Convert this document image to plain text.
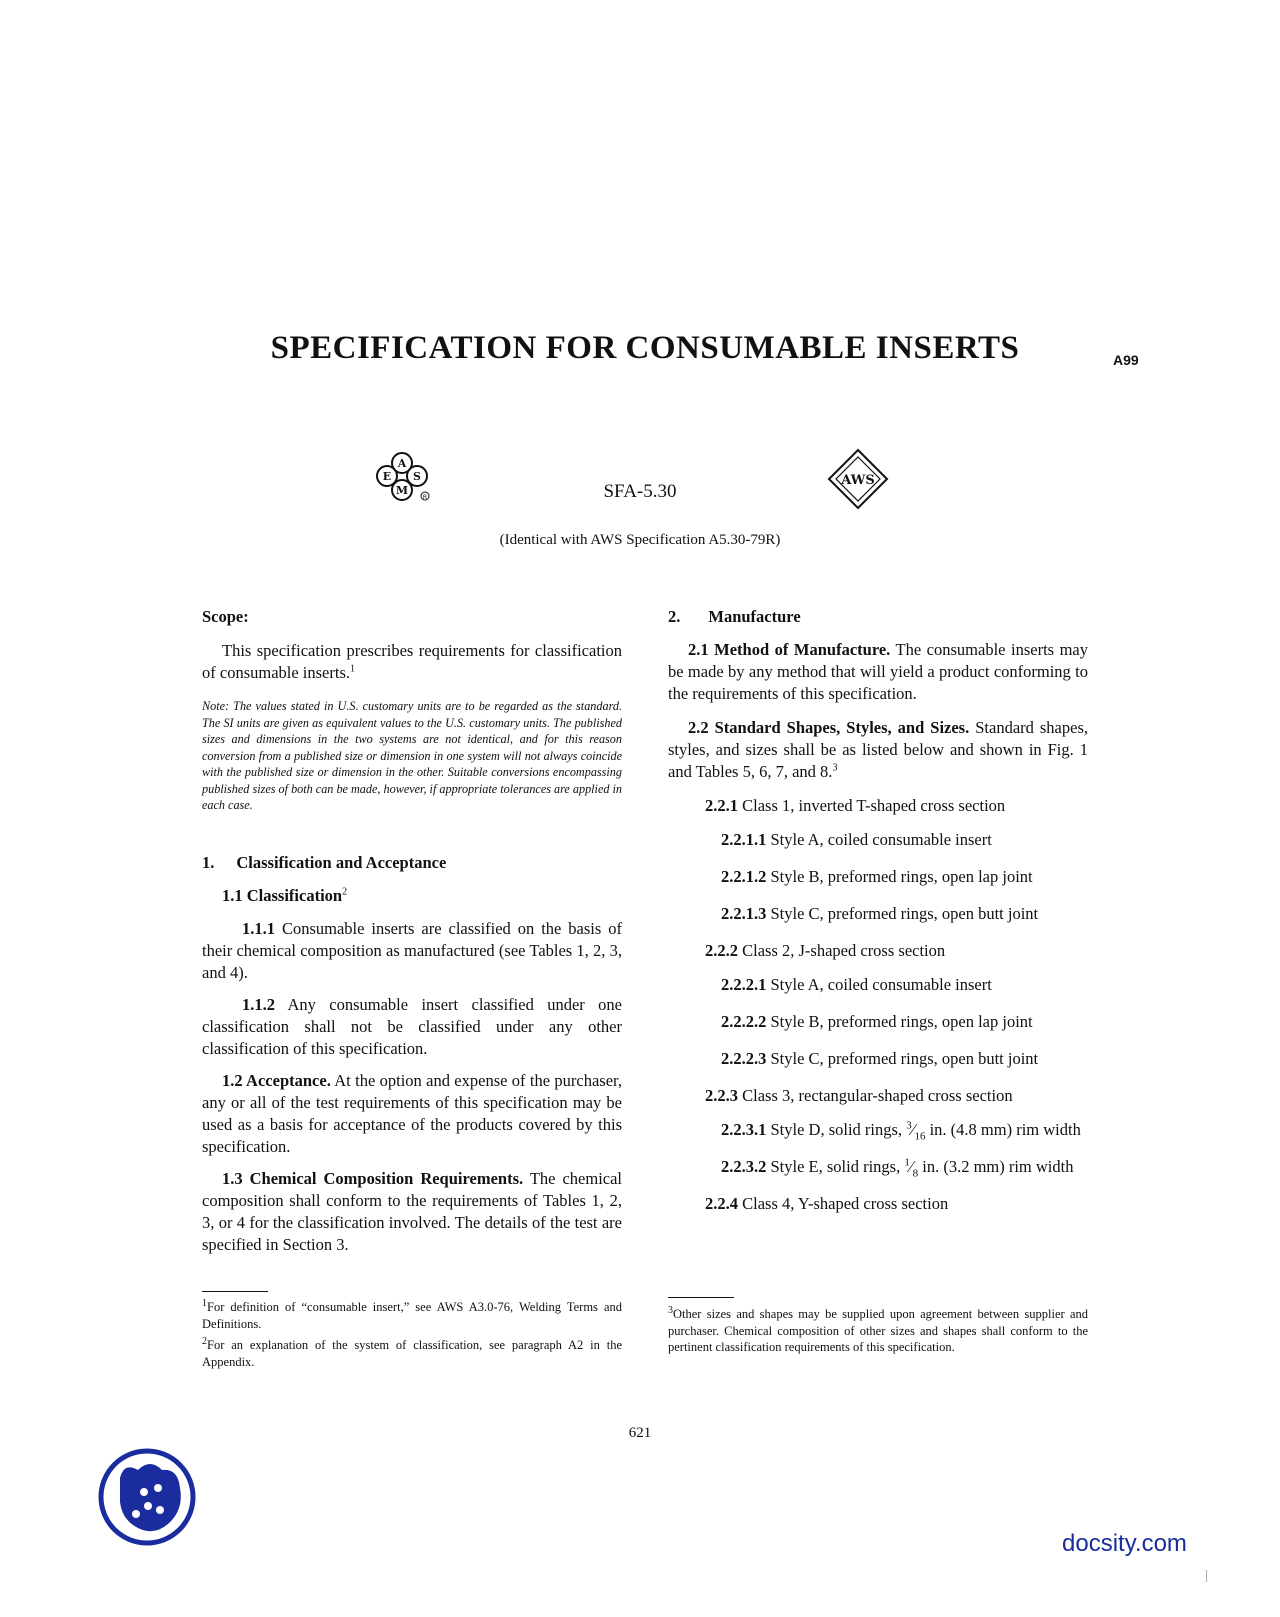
SPECIFICATION FOR CONSUMABLE INSERTS	A99
A
E S
M
R	SFA-5.30
AWS
(Identical with AWS Specification A5.30-79R)

Scope:

This specification prescribes requirements for classification of consumable inserts.$^1$

Note: The values stated in U.S. customary units are to be regarded as the standard. The SI units are given as equivalent values to the U.S. customary units. The published sizes and dimensions in the two systems are not identical, and for this reason conversion from a published size or dimension in one system will not always coincide with the published size or dimension in the other. Suitable conversions encompassing published sizes of both can be made, however, if appropriate tolerances are applied in each case.

1. Classification and Acceptance

1.1 Classification$^2$

1.1.1 Consumable inserts are classified on the basis of their chemical composition as manufactured (see Tables 1, 2, 3, and 4).

1.1.2 Any consumable insert classified under one classification shall not be classified under any other classification of this specification.

1.2 Acceptance. At the option and expense of the purchaser, any or all of the test requirements of this specification may be used as a basis for acceptance of the products covered by this specification.

1.3 Chemical Composition Requirements. The chemical composition shall conform to the requirements of Tables 1, 2, 3, or 4 for the classification involved. The details of the test are specified in Section 3.

$^1$For definition of “consumable insert,” see AWS A3.0-76, Welding Terms and Definitions.

$^2$For an explanation of the system of classification, see paragraph A2 in the Appendix.

2. Manufacture

2.1 Method of Manufacture. The consumable inserts may be made by any method that will yield a product conforming to the requirements of this specification.

2.2 Standard Shapes, Styles, and Sizes. Standard shapes, styles, and sizes shall be as listed below and shown in Fig. 1 and Tables 5, 6, 7, and 8.$^3$

2.2.1 Class 1, inverted T-shaped cross section

2.2.1.1 Style A, coiled consumable insert

2.2.1.2 Style B, preformed rings, open lap joint

2.2.1.3 Style C, preformed rings, open butt joint

2.2.2 Class 2, J-shaped cross section

2.2.2.1 Style A, coiled consumable insert

2.2.2.2 Style B, preformed rings, open lap joint

2.2.2.3 Style C, preformed rings, open butt joint

2.2.3 Class 3, rectangular-shaped cross section

2.2.3.1 Style D, solid rings, $^3⁄_{16}$ in. (4.8 mm) rim width

2.2.3.2 Style E, solid rings, $^1⁄_8$ in. (3.2 mm) rim width

2.2.4 Class 4, Y-shaped cross section

$^3$Other sizes and shapes may be supplied upon agreement between supplier and purchaser. Chemical composition of other sizes and shapes shall conform to the pertinent classification requirements of this specification.

621
docsity.com
